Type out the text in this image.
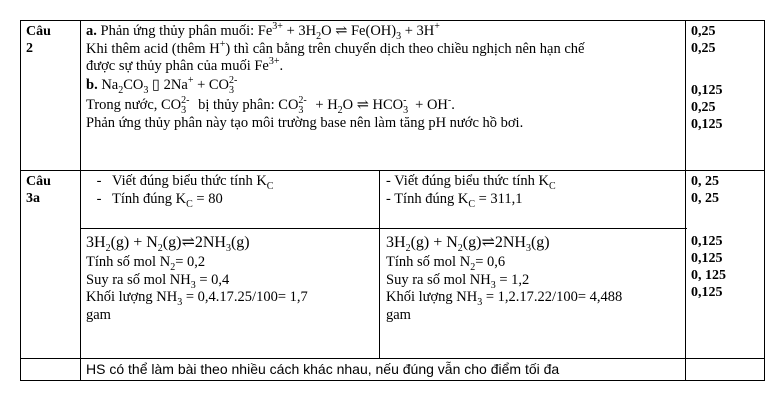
Câu
2
a. Phản ứng thủy phân muối: $Fe^{3+} + 3H_2O$ ⇌ $Fe(OH)_3 + 3H^+$
Khi thêm acid (thêm H+) thì cân bằng trên chuyển dịch theo chiều nghịch nên hạn chế
được sự thủy phân của muối $Fe^{3+}$.
b. $Na_2CO_3$ ▯ $2Na^+ + CO_3^{2-}$
Trong nước, $CO_3^{2-}$ bị thủy phân: $CO_3^{2-} + H_2O$ ⇌ $HCO_3^- + OH^-$.
Phản ứng thủy phân này tạo môi trường base nên làm tăng pH nước hồ bơi.
0,25
0,25
0,125
0,25
0,125
Câu
3a
- Viết đúng biểu thức tính $K_C$
- Tính đúng $K_C = 80$
- Viết đúng biểu thức tính $K_C$
- Tính đúng $K_C = 311,1$
0, 25
0, 25
$3H_2(g)$ + $N_2(g)\rightleftharpoons 2NH_3(g)$
Tính số mol $N_2= 0,2$
Suy ra số mol $NH_3 = 0,4$
Khối lượng $NH_3 = 0,4.17.25/100= 1,7$
gam
$3H_2(g)$ + $N_2(g)\rightleftharpoons 2NH_3(g)$
Tính số mol $N_2= 0,6$
Suy ra số mol $NH_3 = 1,2$
Khối lượng $NH_3 = 1,2.17.22/100= 4,488$
gam
0,125
0,125
0, 125
0,125
HS có thể làm bài theo nhiều cách khác nhau, nếu đúng vẫn cho điểm tối đa
